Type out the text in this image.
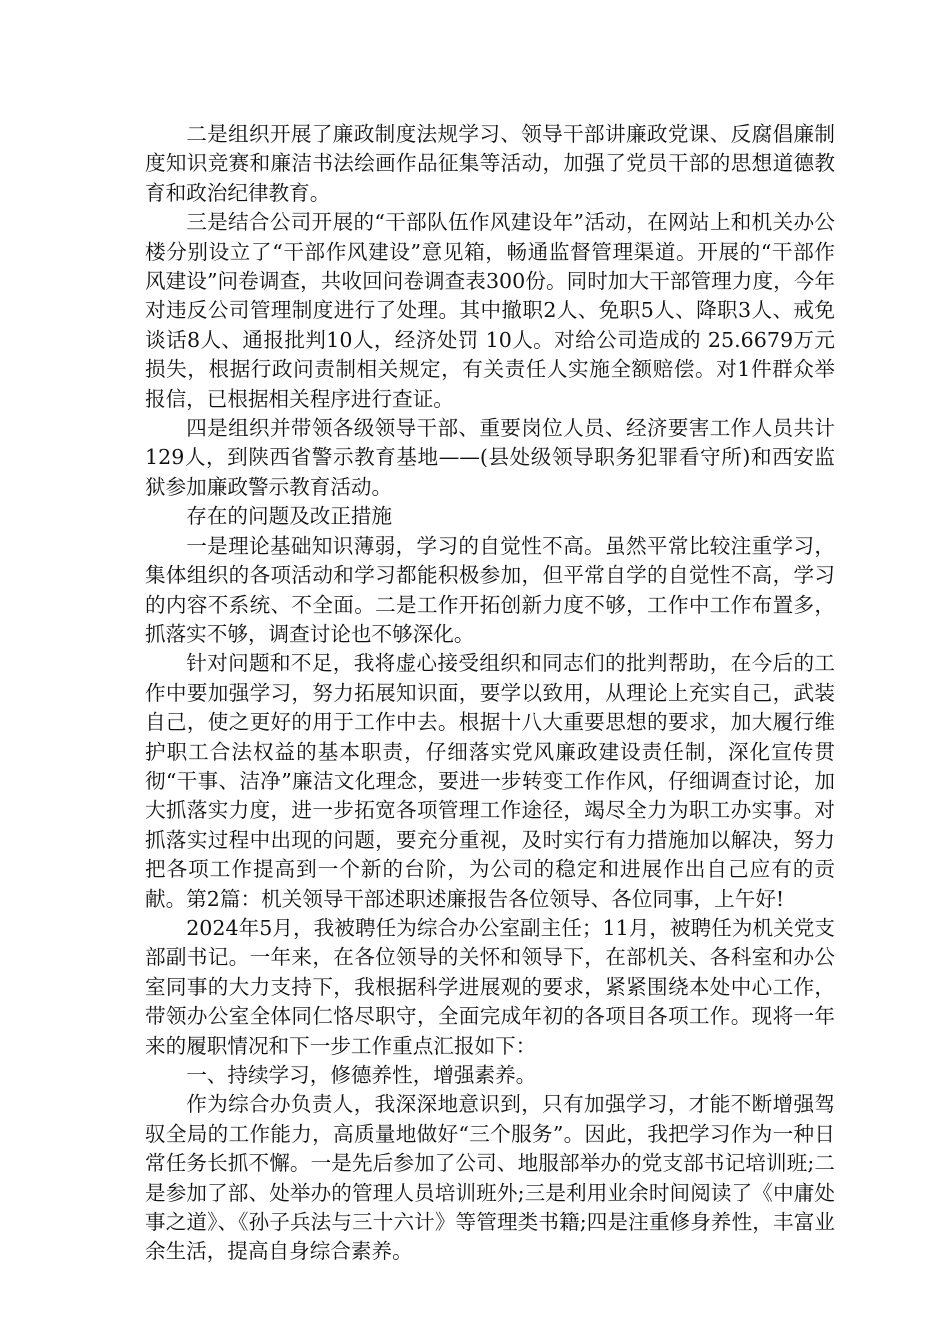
二是组织开展了廉政制度法规学习、领导干部讲廉政党课、反腐倡廉制度知识竞赛和廉洁书法绘画作品征集等活动，加强了党员干部的思想道德教育和政治纪律教育。

三是结合公司开展的“干部队伍作风建设年”活动，在网站上和机关办公楼分别设立了“干部作风建设”意见箱，畅通监督管理渠道。开展的“干部作风建设”问卷调查，共收回问卷调查表300份。同时加大干部管理力度，今年对违反公司管理制度进行了处理。其中撤职2人、免职5人、降职3人、戒免谈话8人、通报批判10人，经济处罚 10人。对给公司造成的 25.6679万元损失，根据行政问责制相关规定，有关责任人实施全额赔偿。对1件群众举报信，已根据相关程序进行查证。

四是组织并带领各级领导干部、重要岗位人员、经济要害工作人员共计129人，到陕西省警示教育基地——(县处级领导职务犯罪看守所)和西安监狱参加廉政警示教育活动。

存在的问题及改正措施

一是理论基础知识薄弱，学习的自觉性不高。虽然平常比较注重学习，集体组织的各项活动和学习都能积极参加，但平常自学的自觉性不高，学习的内容不系统、不全面。二是工作开拓创新力度不够，工作中工作布置多，抓落实不够，调查讨论也不够深化。

针对问题和不足，我将虚心接受组织和同志们的批判帮助，在今后的工作中要加强学习，努力拓展知识面，要学以致用，从理论上充实自己，武装自己，使之更好的用于工作中去。根据十八大重要思想的要求，加大履行维护职工合法权益的基本职责，仔细落实党风廉政建设责任制，深化宣传贯彻“干事、洁净”廉洁文化理念，要进一步转变工作作风，仔细调查讨论，加大抓落实力度，进一步拓宽各项管理工作途径，竭尽全力为职工办实事。对抓落实过程中出现的问题，要充分重视，及时实行有力措施加以解决，努力把各项工作提高到一个新的台阶，为公司的稳定和进展作出自己应有的贡献。第2篇：机关领导干部述职述廉报告各位领导、各位同事，上午好!

2024年5月，我被聘任为综合办公室副主任；11月，被聘任为机关党支部副书记。一年来，在各位领导的关怀和领导下，在部机关、各科室和办公室同事的大力支持下，我根据科学进展观的要求，紧紧围绕本处中心工作，带领办公室全体同仁恪尽职守，全面完成年初的各项目各项工作。现将一年来的履职情况和下一步工作重点汇报如下：

一、持续学习，修德养性，增强素养。

作为综合办负责人，我深深地意识到，只有加强学习，才能不断增强驾驭全局的工作能力，高质量地做好“三个服务”。因此，我把学习作为一种日常任务长抓不懈。一是先后参加了公司、地服部举办的党支部书记培训班;二是参加了部、处举办的管理人员培训班外;三是利用业余时间阅读了《中庸处事之道》、《孙子兵法与三十六计》等管理类书籍;四是注重修身养性，丰富业余生活，提高自身综合素养。
